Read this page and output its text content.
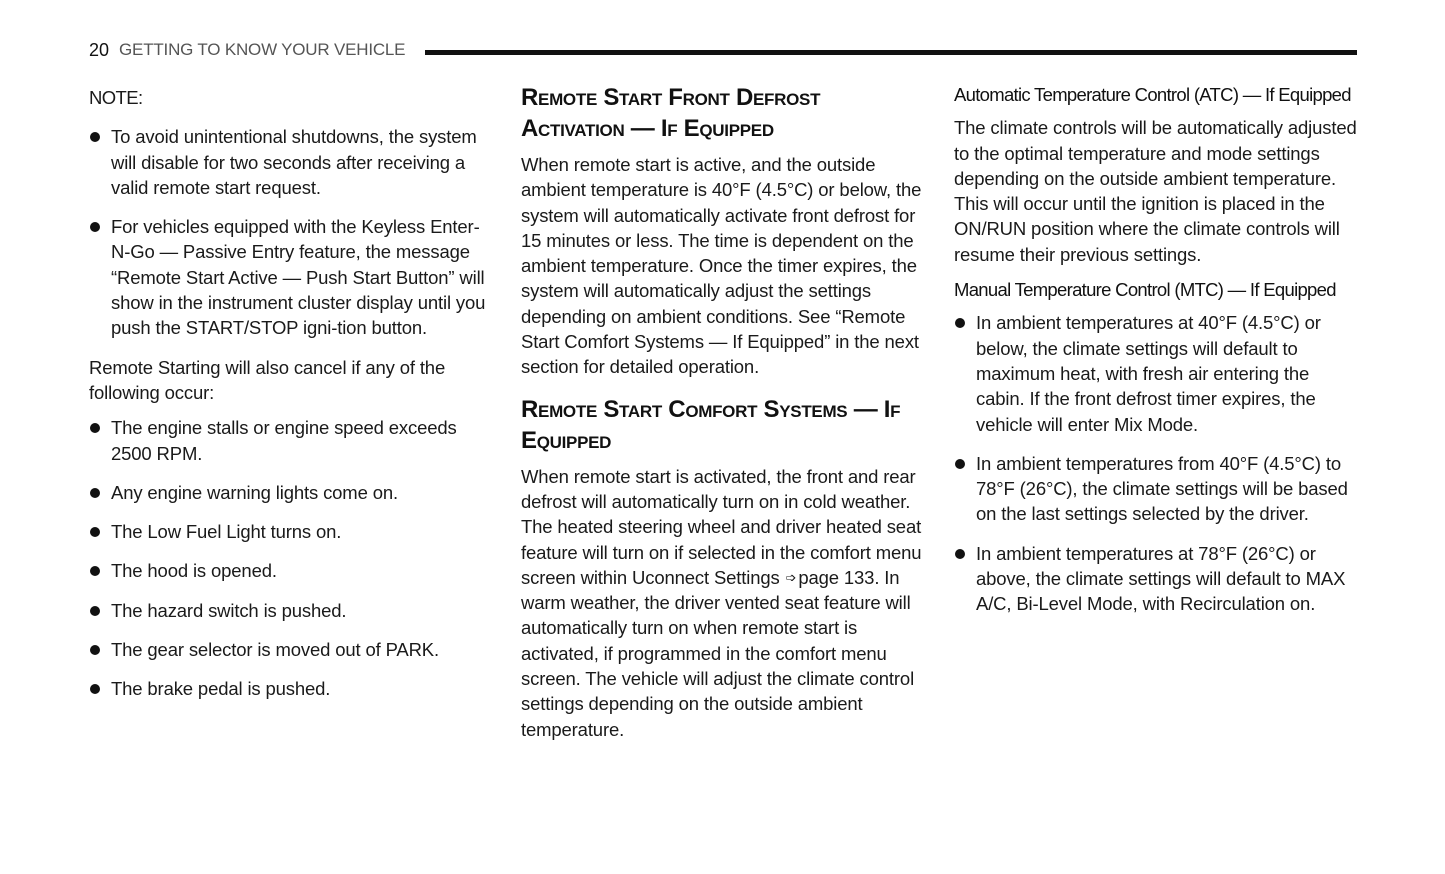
20 GETTING TO KNOW YOUR VEHICLE

NOTE:

To avoid unintentional shutdowns, the system will disable for two seconds after receiving a valid remote start request.
For vehicles equipped with the Keyless Enter-N-Go — Passive Entry feature, the message “Remote Start Active — Push Start Button” will show in the instrument cluster display until you push the START/STOP igni-tion button.

Remote Starting will also cancel if any of the following occur:

The engine stalls or engine speed exceeds 2500 RPM.
Any engine warning lights come on.
The Low Fuel Light turns on.
The hood is opened.
The hazard switch is pushed.
The gear selector is moved out of PARK.
The brake pedal is pushed.
Remote Start Front Defrost Activation — If Equipped

When remote start is active, and the outside ambient temperature is 40°F (4.5°C) or below, the system will automatically activate front defrost for 15 minutes or less. The time is dependent on the ambient temperature. Once the timer expires, the system will automatically adjust the settings depending on ambient conditions. See “Remote Start Comfort Systems — If Equipped” in the next section for detailed operation.

Remote Start Comfort Systems — If Equipped

When remote start is activated, the front and rear defrost will automatically turn on in cold weather. The heated steering wheel and driver heated seat feature will turn on if selected in the comfort menu screen within Uconnect Settings ➩ page 133. In warm weather, the driver vented seat feature will automatically turn on when remote start is activated, if programmed in the comfort menu screen. The vehicle will adjust the climate control settings depending on the outside ambient temperature.

Automatic Temperature Control (ATC) — If Equipped

The climate controls will be automatically adjusted to the optimal temperature and mode settings depending on the outside ambient temperature. This will occur until the ignition is placed in the ON/RUN position where the climate controls will resume their previous settings.

Manual Temperature Control (MTC) — If Equipped
In ambient temperatures at 40°F (4.5°C) or below, the climate settings will default to maximum heat, with fresh air entering the cabin. If the front defrost timer expires, the vehicle will enter Mix Mode.
In ambient temperatures from 40°F (4.5°C) to 78°F (26°C), the climate settings will be based on the last settings selected by the driver.
In ambient temperatures at 78°F (26°C) or above, the climate settings will default to MAX A/C, Bi-Level Mode, with Recirculation on.
